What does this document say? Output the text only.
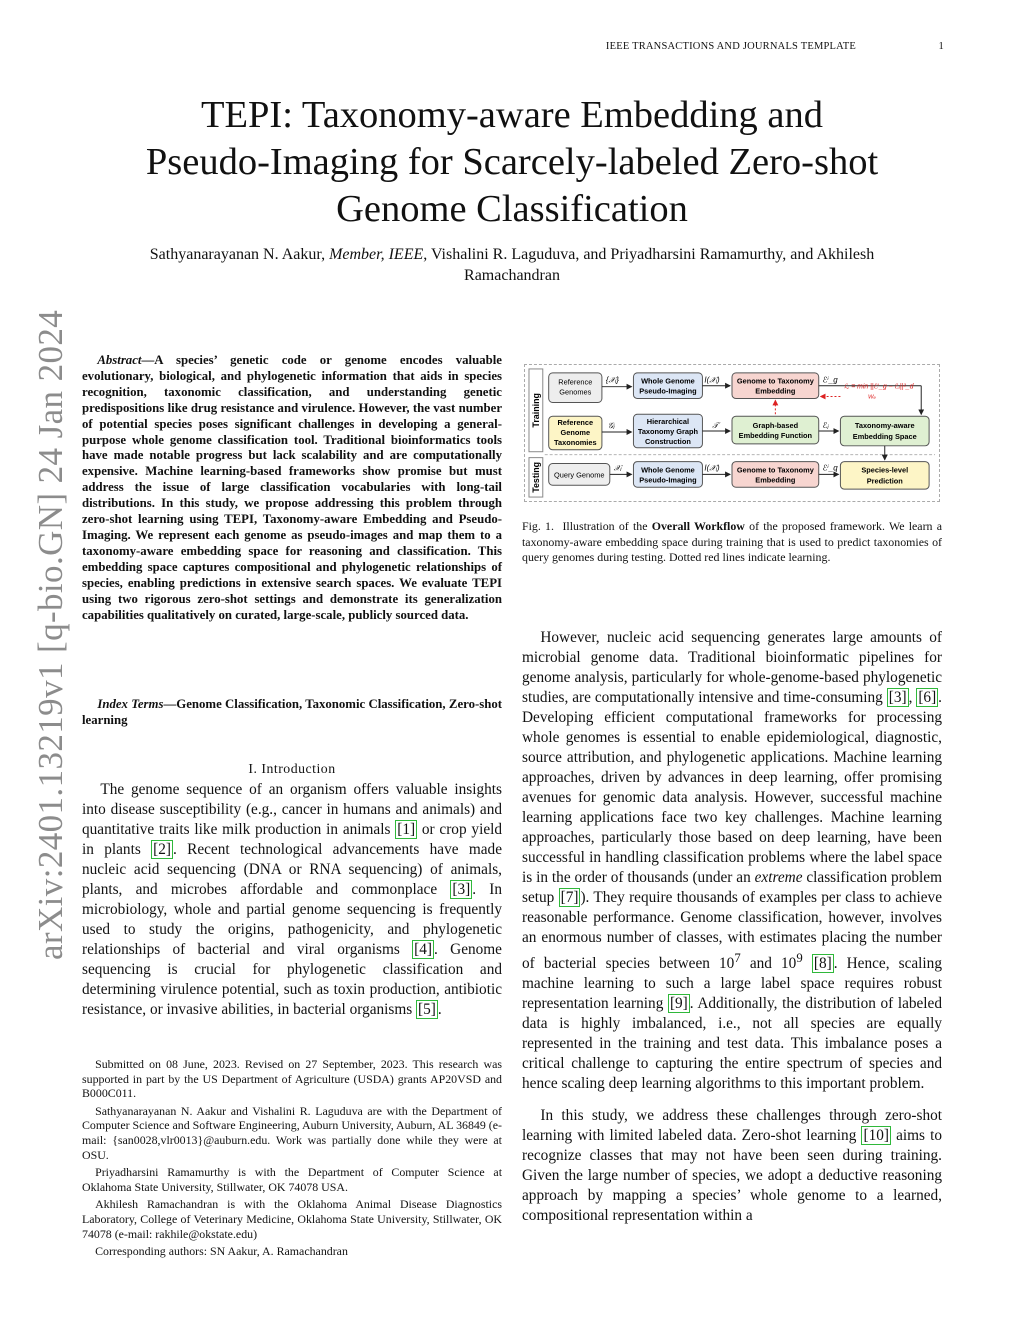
IEEE TRANSACTIONS AND JOURNALS TEMPLATE	1
TEPI: Taxonomy-aware Embedding and
Pseudo-Imaging for Scarcely-labeled Zero-shot
Genome Classification
Sathyanarayanan N. Aakur, Member, IEEE, Vishalini R. Laguduva, and Priyadharsini Ramamurthy, and Akhilesh
Ramachandran
arXiv:2401.13219v1 [q-bio.GN] 24 Jan 2024	Abstract—A species’ genetic code or genome encodes valuable evolutionary, biological, and phylogenetic information that aids in species recognition, taxonomic classification, and understanding genetic predispositions like drug resistance and virulence. However, the vast number of potential species poses significant challenges in developing a general-purpose whole genome classification tool. Traditional bioinformatics tools have made notable progress but lack scalability and are computationally expensive. Machine learning-based frameworks show promise but must address the issue of large classification vocabularies with long-tail distributions. In this study, we propose addressing this problem through zero-shot learning using TEPI, Taxonomy-aware Embedding and Pseudo-Imaging. We represent each genome as pseudo-images and map them to a taxonomy-aware embedding space for reasoning and classification. This embedding space captures compositional and phylogenetic relationships of species, enabling predictions in extensive search spaces. We evaluate TEPI using two rigorous zero-shot settings and demonstrate its generalization capabilities qualitatively on curated, large-scale, publicly sourced data.

Index Terms—Genome Classification, Taxonomic Classification, Zero-shot learning

I. Introduction

The genome sequence of an organism offers valuable insights into disease susceptibility (e.g., cancer in humans and animals) and quantitative traits like milk production in animals [1] or crop yield in plants [2] . Recent technological advancements have made nucleic acid sequencing (DNA or RNA sequencing) of animals, plants, and microbes affordable and commonplace [3] . In microbiology, whole and partial genome sequencing is frequently used to study the origins, pathogenicity, and phylogenetic relationships of bacterial and viral organisms [4] . Genome sequencing is crucial for phylogenetic classification and determining virulence potential, such as toxin production, antibiotic resistance, or invasive abilities, in bacterial organisms [5] .

Submitted on 08 June, 2023. Revised on 27 September, 2023. This research was supported in part by the US Department of Agriculture (USDA) grants AP20VSD and B000C011.

Sathyanarayanan N. Aakur and Vishalini R. Laguduva are with the Department of Computer Science and Software Engineering, Auburn University, Auburn, AL 36849 (e-mail: {san0028,vlr0013}@auburn.edu. Work was partially done while they were at OSU.

Priyadharsini Ramamurthy is with the Department of Computer Science at Oklahoma State University, Stillwater, OK 74078 USA.

Akhilesh Ramachandran is with the Oklahoma Animal Disease Diagnostics Laboratory, College of Veterinary Medicine, Oklahoma State University, Stillwater, OK 74078 (e-mail: rakhile@okstate.edu)

Corresponding authors: SN Aakur, A. Ramachandran

Training
Testing
Reference
Genomes
Reference
Genome
Taxonomies
Query Genome
Whole Genome
Pseudo-Imaging
Hierarchical
Taxonomy Graph
Construction
Whole Genome
Pseudo-Imaging
Genome to Taxonomy
Embedding
Graph-based
Embedding Function
Genome to Taxonomy
Embedding
Taxonomy-aware
Embedding Space
Species-level
Prediction
{𝒳ᵢ}	I(𝒳ᵢ)	ℰⁱ_g
𝒢ⱼ	𝒯	ℰⱼ
𝒳ᵢ	I(𝒳ᵢ)	ℰⁱ_q
ℒ = min ||ℰⁱ_g − ℰⱼ||²_d
Wₑ
Fig. 1. Illustration of the Overall Workflow of the proposed framework. We learn a taxonomy-aware embedding space during training that is used to predict taxonomies of query genomes during testing. Dotted red lines indicate learning.

However, nucleic acid sequencing generates large amounts of microbial genome data. Traditional bioinformatic pipelines for genome analysis, particularly for whole-genome-based phylogenetic studies, are computationally intensive and time-consuming [3] , [6] . Developing efficient computational frameworks for processing whole genomes is essential to enable epidemiological, diagnostic, source attribution, and phylogenetic applications. Machine learning approaches, driven by advances in deep learning, offer promising avenues for genomic data analysis. However, successful machine learning applications face two key challenges. Machine learning approaches, particularly those based on deep learning, have been successful in handling classification problems where the label space is in the order of thousands (under an extreme classification problem setup [7] ). They require thousands of examples per class to achieve reasonable performance. Genome classification, however, involves an enormous number of classes, with estimates placing the number of bacterial species between $10^7$ and $10^9$ [8] . Hence, scaling machine learning to such a large label space requires robust representation learning [9] . Additionally, the distribution of labeled data is highly imbalanced, i.e., not all species are equally represented in the training and test data. This imbalance poses a critical challenge to capturing the entire spectrum of species and hence scaling deep learning algorithms to this important problem.

In this study, we address these challenges through zero-shot learning with limited labeled data. Zero-shot learning [10] aims to recognize classes that may not have been seen during training. Given the large number of species, we adopt a deductive reasoning approach by mapping a species’ whole genome to a learned, compositional representation within a
